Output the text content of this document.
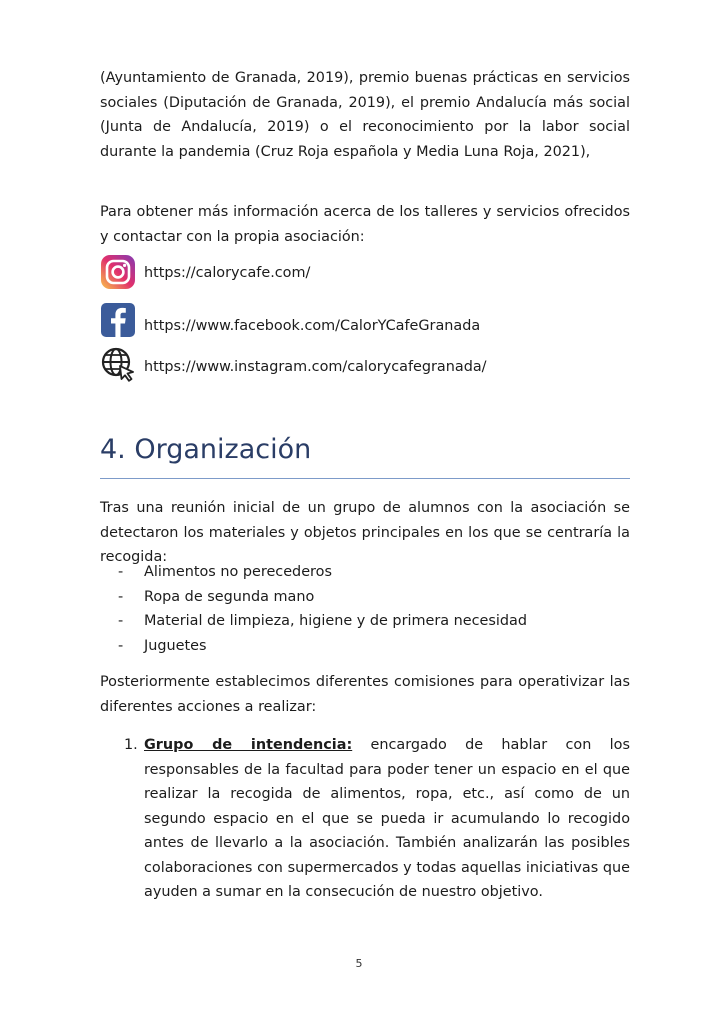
(Ayuntamiento de Granada, 2019), premio buenas prácticas en servicios sociales (Diputación de Granada, 2019), el premio Andalucía más social (Junta de Andalucía, 2019) o el reconocimiento por la labor social durante la pandemia (Cruz Roja española y Media Luna Roja, 2021),
Para obtener más información acerca de los talleres y servicios ofrecidos y contactar con la propia asociación:
https://calorycafe.com/
https://www.facebook.com/CalorYCafeGranada
https://www.instagram.com/calorycafegranada/
4. Organización
Tras una reunión inicial de un grupo de alumnos con la asociación se detectaron los materiales y objetos principales en los que se centraría la recogida:
- Alimentos no perecederos
- Ropa de segunda mano
- Material de limpieza, higiene y de primera necesidad
- Juguetes
Posteriormente establecimos diferentes comisiones para operativizar las diferentes acciones a realizar:
1. Grupo de intendencia: encargado de hablar con los responsables de la facultad para poder tener un espacio en el que realizar la recogida de alimentos, ropa, etc., así como de un segundo espacio en el que se pueda ir acumulando lo recogido antes de llevarlo a la asociación. También analizarán las posibles colaboraciones con supermercados y todas aquellas iniciativas que ayuden a sumar en la consecución de nuestro objetivo.
5
